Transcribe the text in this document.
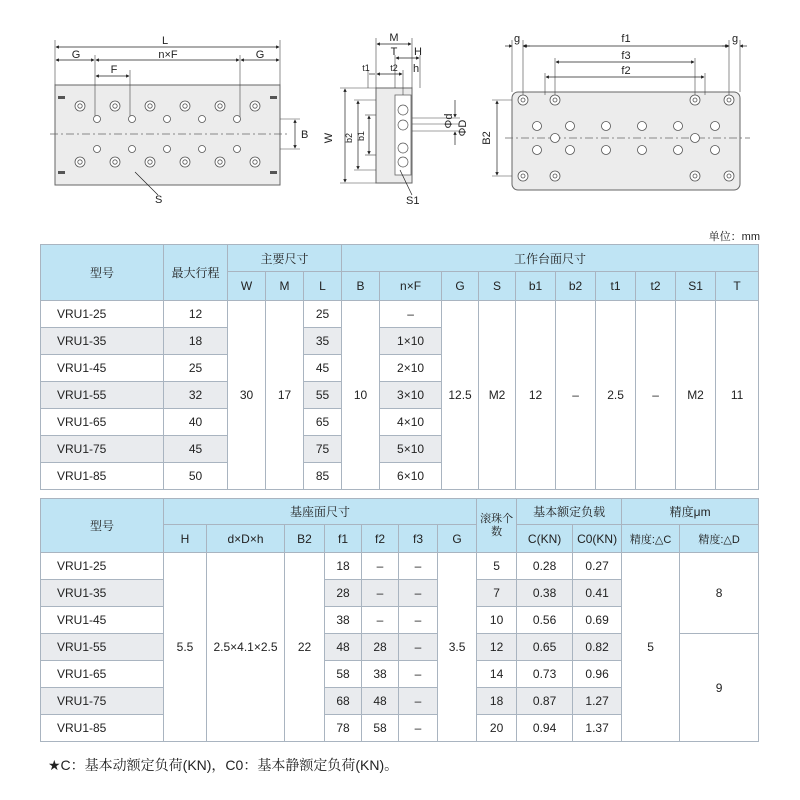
L
G	n×F	G
F
B
S
M
T H
t1 t2 h
W b2 b1
Φd ΦD
S1
g	f1	g
f3
f2
B2
单位：mm
型号	最大行程	主要尺寸			工作台面尺寸									
		W	M	L	B	n×F	G	S	b1	b2	t1	t2	S1	T
VRU1-25	12	30	17	25	10	–	12.5	M2	12	–	2.5	–	M2	11
VRU1-35	18			35		1×10								
VRU1-45	25			45		2×10								
VRU1-55	32			55		3×10								
VRU1-65	40			65		4×10								
VRU1-75	45			75		5×10								
VRU1-85	50			85		6×10								
型号	基座面尺寸							滚珠个数	基本额定负载		精度μm	
	H	d×D×h	B2	f1	f2	f3	G		C(KN)	C0(KN)	精度:△C	精度:△D
VRU1-25	5.5	2.5×4.1×2.5	22	18	–	–	3.5	5	0.28	0.27	5	8
VRU1-35				28	–	–		7	0.38	0.41		
VRU1-45				38	–	–		10	0.56	0.69		
VRU1-55				48	28	–		12	0.65	0.82		9
VRU1-65				58	38	–		14	0.73	0.96		
VRU1-75				68	48	–		18	0.87	1.27		
VRU1-85				78	58	–		20	0.94	1.37		
★C：基本动额定负荷(KN)，C0：基本静额定负荷(KN)。
